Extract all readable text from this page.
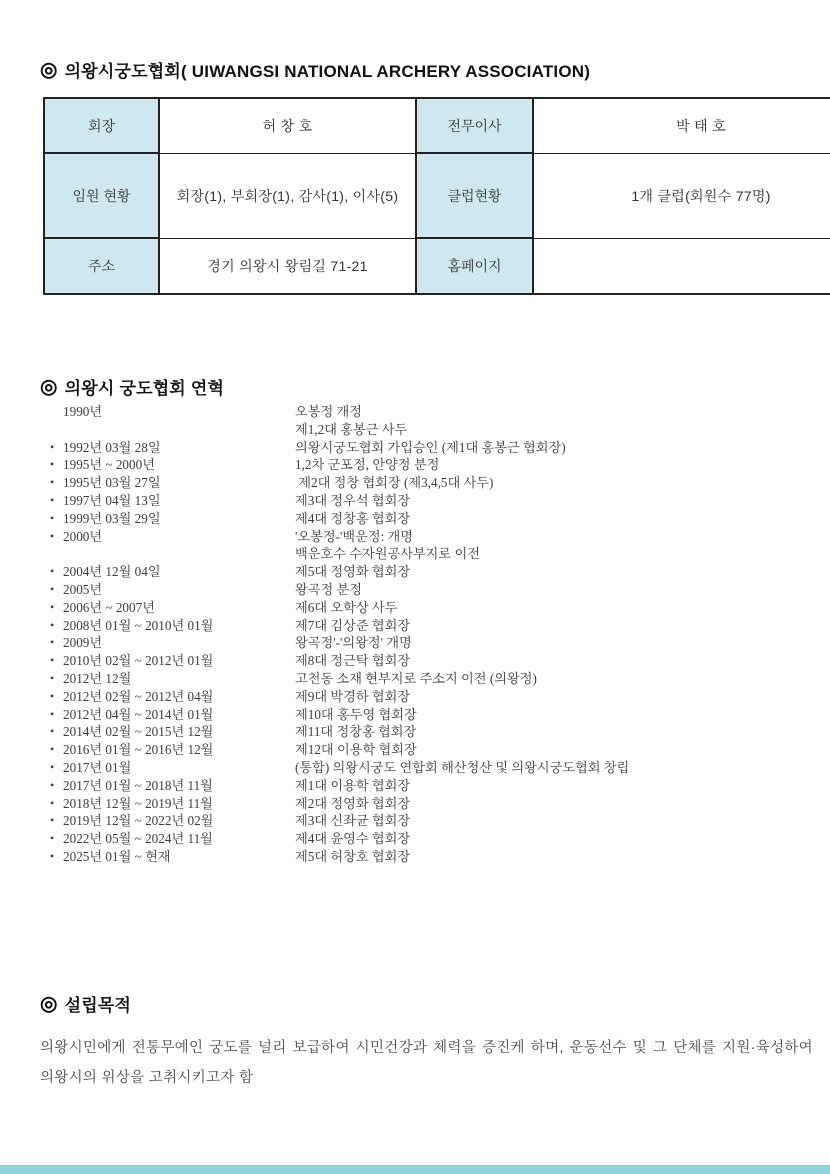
◎ 의왕시궁도협회( UIWANGSI NATIONAL ARCHERY ASSOCIATION)
회장	허 창 호	전무이사	박 태 호
임원 현황	회장(1), 부회장(1), 감사(1), 이사(5)	클럽현황	1개 클럽(회원수 77명)
주소	경기 의왕시 왕림길 71-21	홈페이지	
◎ 의왕시 궁도협회 연혁
1990년	오봉정 개정
제1,2대 홍봉근 사두
• 1992년 03월 28일	의왕시궁도협회 가입승인 (제1대 홍봉근 협회장)
• 1995년 ~ 2000년	1,2차 군포정, 안양정 분정
• 1995년 03월 27일	제2대 정창 협회장 (제3,4,5대 사두)
• 1997년 04월 13일	제3대 정우석 협회장
• 1999년 03월 29일	제4대 정창홍 협회장
• 2000년	'오봉정-'백운정: 개명
백운호수 수자원공사부지로 이전
• 2004년 12월 04일	제5대 정영화 협회장
• 2005년	왕곡정 분정
• 2006년 ~ 2007년	제6대 오학상 사두
• 2008년 01월 ~ 2010년 01월	제7대 김상준 협회장
• 2009년	왕곡정'-'의왕정' 개명
• 2010년 02월 ~ 2012년 01월	제8대 정근탁 협회장
• 2012년 12월	고천동 소재 현부지로 주소지 이전 (의왕정)
• 2012년 02월 ~ 2012년 04월	제9대 박경하 협회장
• 2012년 04월 ~ 2014년 01월	제10대 홍두영 협회장
• 2014년 02월 ~ 2015년 12월	제11대 정창홍 협회장
• 2016년 01월 ~ 2016년 12월	제12대 이용학 협회장
• 2017년 01월	(통합) 의왕시궁도 연합회 해산청산 및 의왕시궁도협회 창립
• 2017년 01월 ~ 2018년 11월	제1대 이용학 협회장
• 2018년 12월 ~ 2019년 11월	제2대 정영화 협회장
• 2019년 12월 ~ 2022년 02월	제3대 신좌균 협회장
• 2022년 05월 ~ 2024년 11월	제4대 윤영수 협회장
• 2025년 01월 ~ 현재	제5대 허창호 협회장
◎ 설립목적
의왕시민에게 전통무예인 궁도를 널리 보급하여 시민건강과 체력을 증진케 하며, 운동선수 및 그 단체를 지원·육성하여 의왕시의 위상을 고취시키고자 함
